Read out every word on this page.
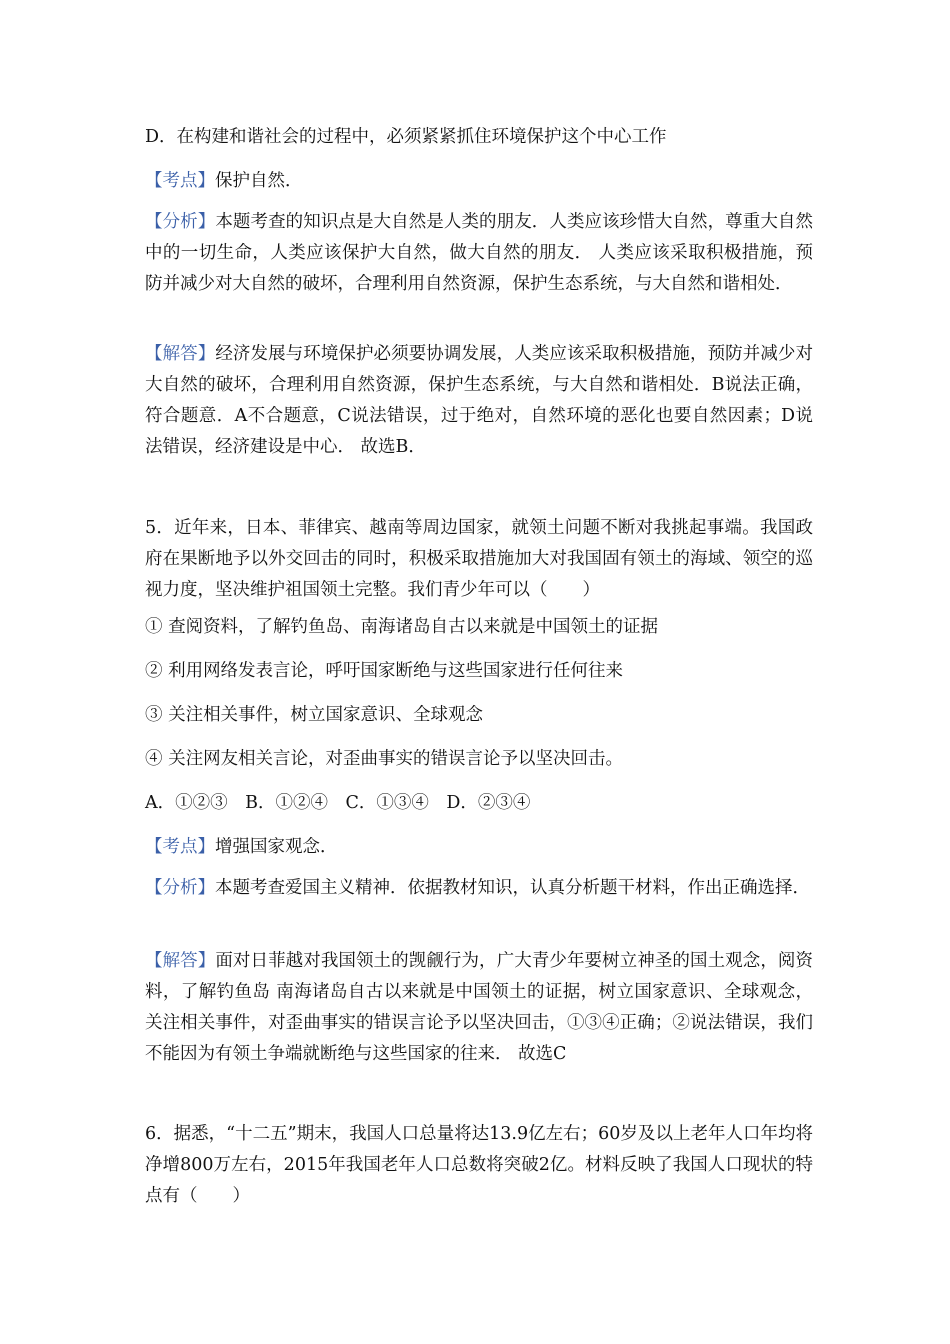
D．在构建和谐社会的过程中，必须紧紧抓住环境保护这个中心工作
【考点】保护自然．
【分析】本题考查的知识点是大自然是人类的朋友．人类应该珍惜大自然，尊重大自然中的一切生命，人类应该保护大自然，做大自然的朋友． 人类应该采取积极措施，预防并减少对大自然的破坏，合理利用自然资源，保护生态系统，与大自然和谐相处．
【解答】经济发展与环境保护必须要协调发展，人类应该采取积极措施，预防并减少对大自然的破坏，合理利用自然资源，保护生态系统，与大自然和谐相处．B说法正确，符合题意．A不合题意，C说法错误，过于绝对，自然环境的恶化也要自然因素；D说法错误，经济建设是中心． 故选B．
5．近年来，日本、菲律宾、越南等周边国家，就领土问题不断对我挑起事端。我国政府在果断地予以外交回击的同时，积极采取措施加大对我国固有领土的海域、领空的巡视力度，坚决维护祖国领土完整。我们青少年可以（　　）
① 查阅资料，了解钓鱼岛、南海诸岛自古以来就是中国领土的证据
② 利用网络发表言论，呼吁国家断绝与这些国家进行任何往来
③ 关注相关事件，树立国家意识、全球观念
④ 关注网友相关言论，对歪曲事实的错误言论予以坚决回击。
A．①②③　B．①②④　C．①③④　D．②③④
【考点】增强国家观念．
【分析】本题考查爱国主义精神．依据教材知识，认真分析题干材料，作出正确选择．
【解答】面对日菲越对我国领土的觊觎行为，广大青少年要树立神圣的国土观念，阅资料，了解钓鱼岛 南海诸岛自古以来就是中国领土的证据，树立国家意识、全球观念，关注相关事件，对歪曲事实的错误言论予以坚决回击，①③④正确；②说法错误，我们不能因为有领土争端就断绝与这些国家的往来． 故选C
6．据悉，“十二五”期末，我国人口总量将达13.9亿左右；60岁及以上老年人口年均将净增800万左右，2015年我国老年人口总数将突破2亿。材料反映了我国人口现状的特点有（　　）
